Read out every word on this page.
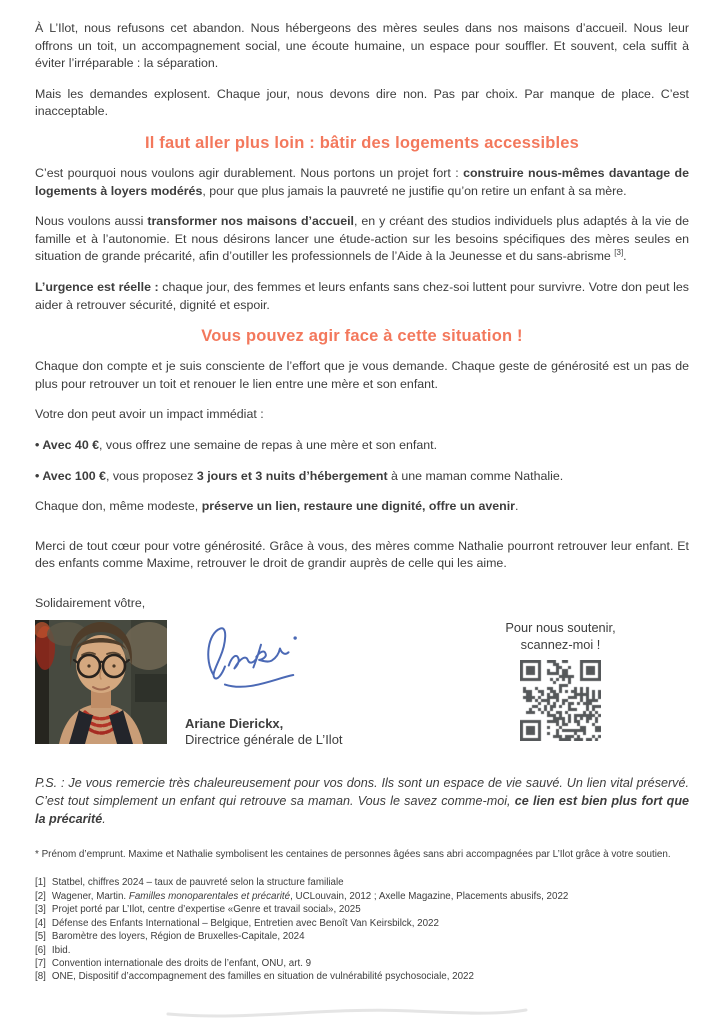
À L’Ilot, nous refusons cet abandon. Nous hébergeons des mères seules dans nos maisons d’accueil. Nous leur offrons un toit, un accompagnement social, une écoute humaine, un espace pour souffler. Et souvent, cela suffit à éviter l’irréparable : la séparation.

Mais les demandes explosent. Chaque jour, nous devons dire non. Pas par choix. Par manque de place. C’est inacceptable.

Il faut aller plus loin : bâtir des logements accessibles

C’est pourquoi nous voulons agir durablement. Nous portons un projet fort : construire nous-mêmes davantage de logements à loyers modérés, pour que plus jamais la pauvreté ne justifie qu’on retire un enfant à sa mère.

Nous voulons aussi transformer nos maisons d’accueil, en y créant des studios individuels plus adaptés à la vie de famille et à l’autonomie. Et nous désirons lancer une étude-action sur les besoins spécifiques des mères seules en situation de grande précarité, afin d’outiller les professionnels de l’Aide à la Jeunesse et du sans-abrisme [3].

L’urgence est réelle : chaque jour, des femmes et leurs enfants sans chez-soi luttent pour survivre. Votre don peut les aider à retrouver sécurité, dignité et espoir.

Vous pouvez agir face à cette situation !

Chaque don compte et je suis consciente de l’effort que je vous demande. Chaque geste de générosité est un pas de plus pour retrouver un toit et renouer le lien entre une mère et son enfant.

Votre don peut avoir un impact immédiat :

• Avec 40 €, vous offrez une semaine de repas à une mère et son enfant.

• Avec 100 €, vous proposez 3 jours et 3 nuits d’hébergement à une maman comme Nathalie.

Chaque don, même modeste, préserve un lien, restaure une dignité, offre un avenir.

Merci de tout cœur pour votre générosité. Grâce à vous, des mères comme Nathalie pourront retrouver leur enfant. Et des enfants comme Maxime, retrouver le droit de grandir auprès de celle qui les aime.

Solidairement vôtre,

Ariane Dierickx,
Directrice générale de L’Ilot
Pour nous soutenir,
scannez-moi !

P.S. : Je vous remercie très chaleureusement pour vos dons. Ils sont un espace de vie sauvé. Un lien vital préservé. C’est tout simplement un enfant qui retrouve sa maman. Vous le savez comme-moi, ce lien est bien plus fort que la précarité.

* Prénom d’emprunt. Maxime et Nathalie symbolisent les centaines de personnes âgées sans abri accompagnées par L’Ilot grâce à votre soutien.

[1] Statbel, chiffres 2024 – taux de pauvreté selon la structure familiale
[2] Wagener, Martin. Familles monoparentales et précarité, UCLouvain, 2012 ; Axelle Magazine, Placements abusifs, 2022
[3] Projet porté par L’Ilot, centre d’expertise «Genre et travail social», 2025
[4] Défense des Enfants International – Belgique, Entretien avec Benoît Van Keirsbilck, 2022
[5] Baromètre des loyers, Région de Bruxelles-Capitale, 2024
[6] Ibid.
[7] Convention internationale des droits de l’enfant, ONU, art. 9
[8] ONE, Dispositif d’accompagnement des familles en situation de vulnérabilité psychosociale, 2022
